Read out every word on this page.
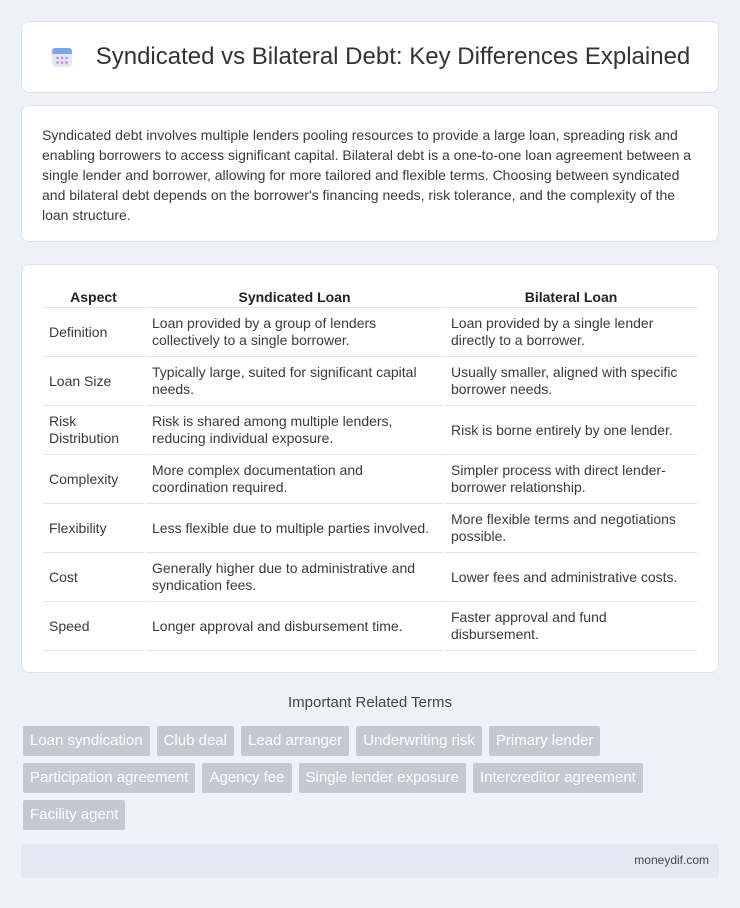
Syndicated vs Bilateral Debt: Key Differences Explained

Syndicated debt involves multiple lenders pooling resources to provide a large loan, spreading risk and enabling borrowers to access significant capital. Bilateral debt is a one-to-one loan agreement between a single lender and borrower, allowing for more tailored and flexible terms. Choosing between syndicated and bilateral debt depends on the borrower's financing needs, risk tolerance, and the complexity of the loan structure.

Aspect	Syndicated Loan	Bilateral Loan
Definition	Loan provided by a group of lenders collectively to a single borrower.	Loan provided by a single lender directly to a borrower.
Loan Size	Typically large, suited for significant capital needs.	Usually smaller, aligned with specific borrower needs.
Risk Distribution	Risk is shared among multiple lenders, reducing individual exposure.	Risk is borne entirely by one lender.
Complexity	More complex documentation and coordination required.	Simpler process with direct lender-borrower relationship.
Flexibility	Less flexible due to multiple parties involved.	More flexible terms and negotiations possible.
Cost	Generally higher due to administrative and syndication fees.	Lower fees and administrative costs.
Speed	Longer approval and disbursement time.	Faster approval and fund disbursement.
Important Related Terms
Loan syndication	Club deal	Lead arranger	Underwriting risk	Primary lender
Participation agreement	Agency fee	Single lender exposure	Intercreditor agreement
Facility agent
moneydif.com
